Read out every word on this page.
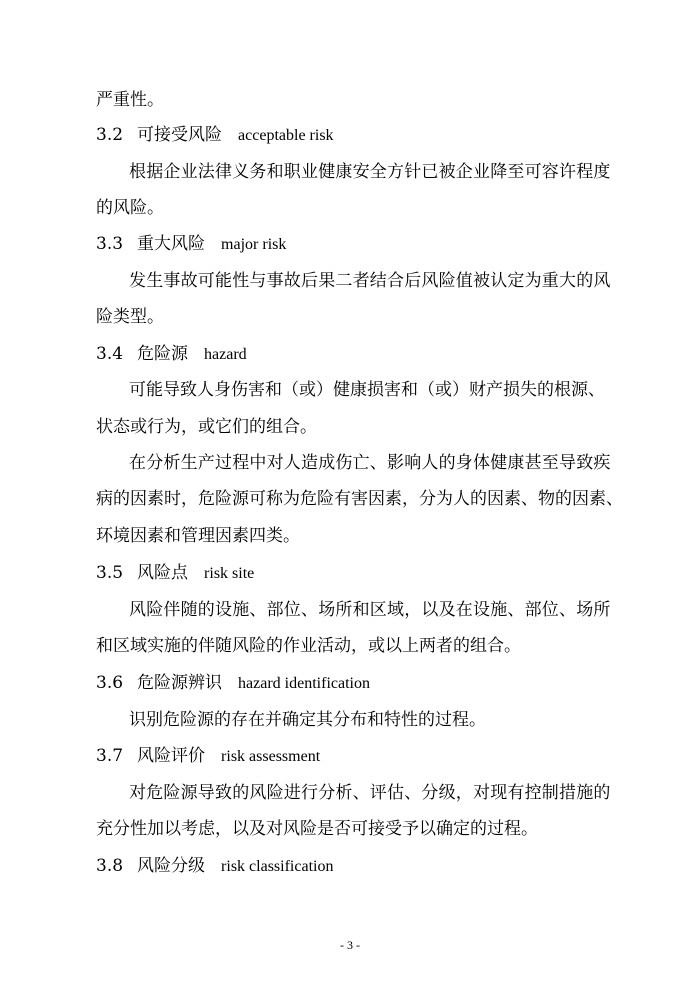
严重性。
3.2 可接受风险 acceptable risk
根据企业法律义务和职业健康安全方针已被企业降至可容许程度
的风险。
3.3 重大风险 major risk
发生事故可能性与事故后果二者结合后风险值被认定为重大的风
险类型。
3.4 危险源 hazard
可能导致人身伤害和（或）健康损害和（或）财产损失的根源、
状态或行为，或它们的组合。
在分析生产过程中对人造成伤亡、影响人的身体健康甚至导致疾
病的因素时，危险源可称为危险有害因素，分为人的因素、物的因素、
环境因素和管理因素四类。
3.5 风险点 risk site
风险伴随的设施、部位、场所和区域，以及在设施、部位、场所
和区域实施的伴随风险的作业活动，或以上两者的组合。
3.6 危险源辨识 hazard identification
识别危险源的存在并确定其分布和特性的过程。
3.7 风险评价 risk assessment
对危险源导致的风险进行分析、评估、分级，对现有控制措施的
充分性加以考虑，以及对风险是否可接受予以确定的过程。
3.8 风险分级 risk classification
- 3 -
